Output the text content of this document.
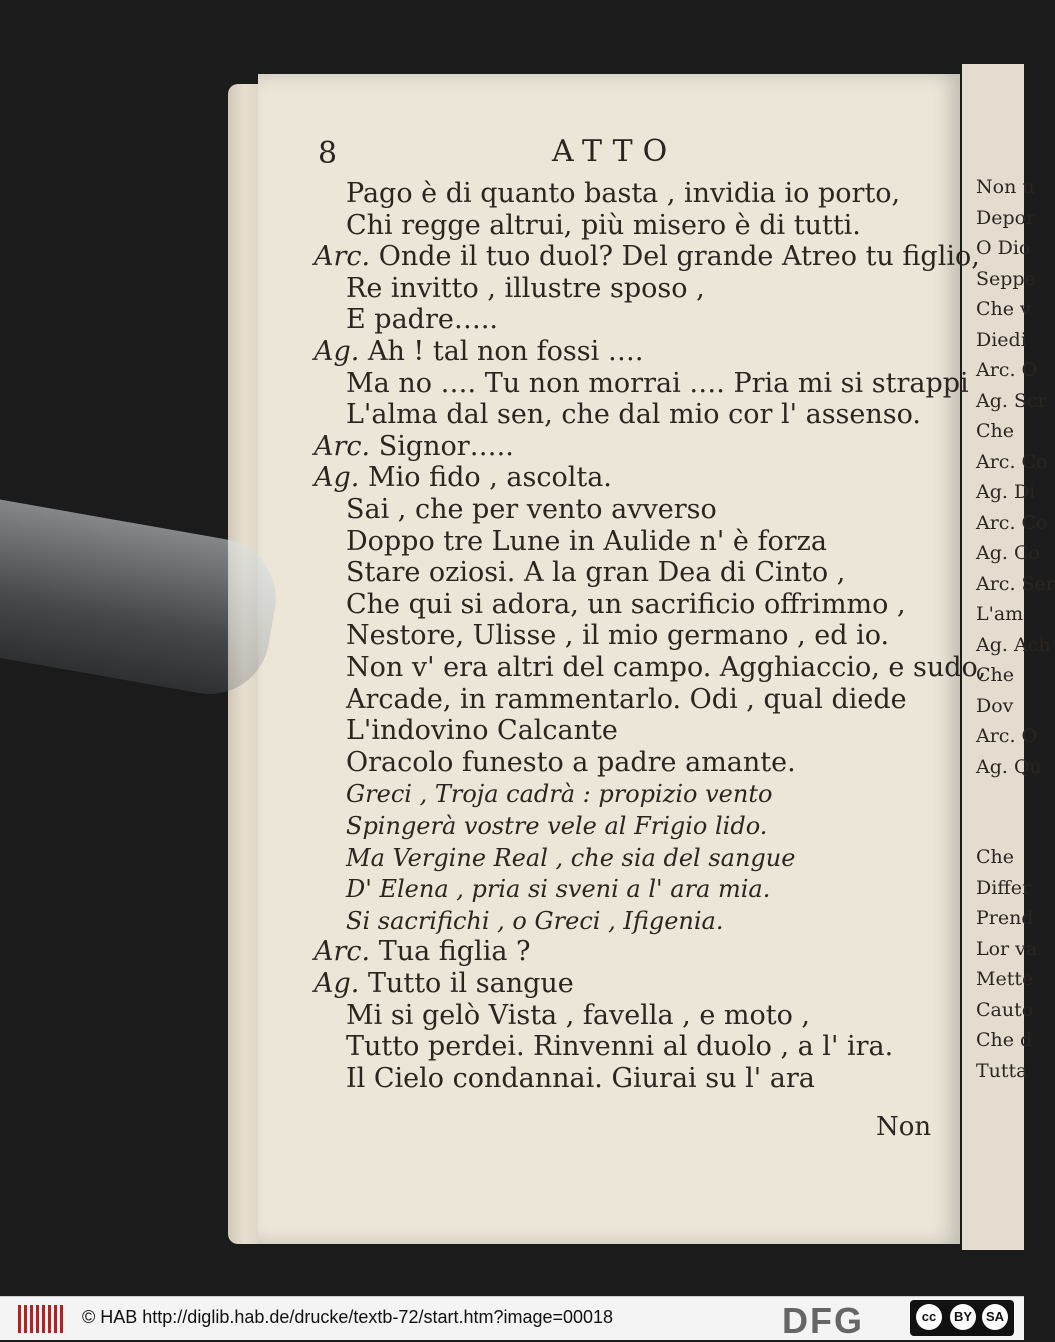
Non u
Depor
O Dio
Seppe
Che v
Diedi
Arc. O
Ag. Scr
Che
Arc. Co
Ag. Di
Arc. Co
Ag. Co
Arc. Ser
L'am
Ag. Ach
Che
Dov
Arc. O
Ag. Qu
Che
Differ
Prend
Lor va
Mette
Cauto
Che d
Tutta
8	ATTO
Pago è di quanto basta , invidia io porto,
Chi regge altrui, più misero è di tutti.
Arc. Onde il tuo duol? Del grande Atreo tu figlio,
Re invitto , illustre sposo ,
E padre…..
Ag. Ah ! tal non fossi ….
Ma no …. Tu non morrai …. Pria mi si strappi
L'alma dal sen, che dal mio cor l' assenso.
Arc. Signor…..
Ag. Mio fido , ascolta.
Sai , che per vento avverso
Doppo tre Lune in Aulide n' è forza
Stare oziosi. A la gran Dea di Cinto ,
Che qui si adora, un sacrificio offrimmo ,
Nestore, Ulisse , il mio germano , ed io.
Non v' era altri del campo. Agghiaccio, e sudo,
Arcade, in rammentarlo. Odi , qual diede
L'indovino Calcante
Oracolo funesto a padre amante.
Greci , Troja cadrà : propizio vento
Spingerà vostre vele al Frigio lido.
Ma Vergine Real , che sia del sangue
D' Elena , pria si sveni a l' ara mia.
Si sacrifichi , o Greci , Ifigenia.
Arc. Tua figlia ?
Ag. Tutto il sangue
Mi si gelò Vista , favella , e moto ,
Tutto perdei. Rinvenni al duolo , a l' ira.
Il Cielo condannai. Giurai su l' ara
Non
© HAB http://diglib.hab.de/drucke/textb-72/start.htm?image=00018	DFG	cc	BY	SA
